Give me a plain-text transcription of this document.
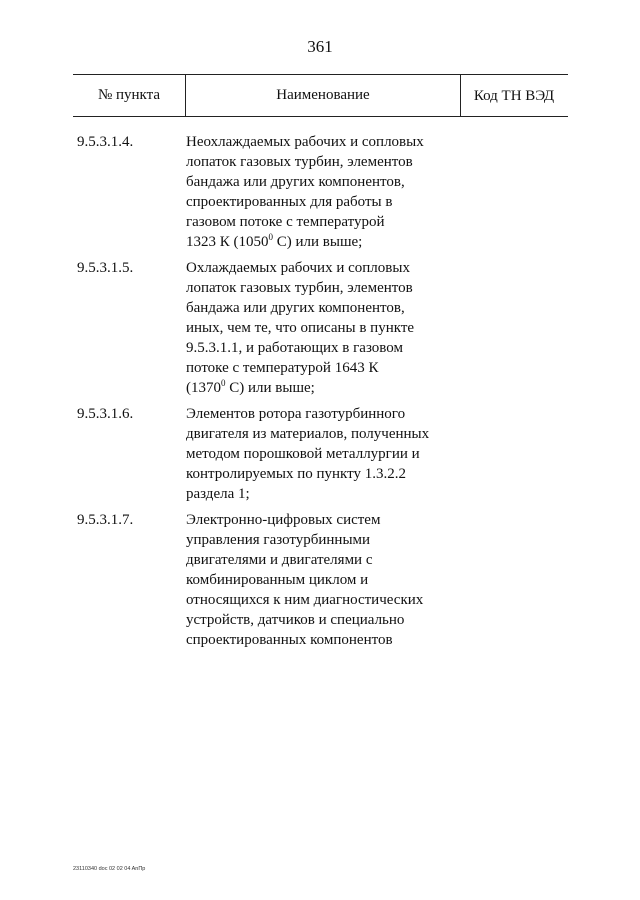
361
№ пункта	Наименование	Код ТН ВЭД
9.5.3.1.4.	Неохлаждаемых рабочих и сопловых
лопаток газовых турбин, элементов
бандажа или других компонентов,
спроектированных для работы в
газовом потоке с температурой
1323 К (1050$^0$ С) или выше;
9.5.3.1.5.	Охлаждаемых рабочих и сопловых
лопаток газовых турбин, элементов
бандажа или других компонентов,
иных, чем те, что описаны в пункте
9.5.3.1.1, и работающих в газовом
потоке с температурой 1643 К
(1370$^0$ С) или выше;
9.5.3.1.6.	Элементов ротора газотурбинного
двигателя из материалов, полученных
методом порошковой металлургии и
контролируемых по пункту 1.3.2.2
раздела 1;
9.5.3.1.7.	Электронно-цифровых систем
управления газотурбинными
двигателями и двигателями с
комбинированным циклом и
относящихся к ним диагностических
устройств, датчиков и специально
спроектированных компонентов
23110340 doc 02 02 04 AnПp
